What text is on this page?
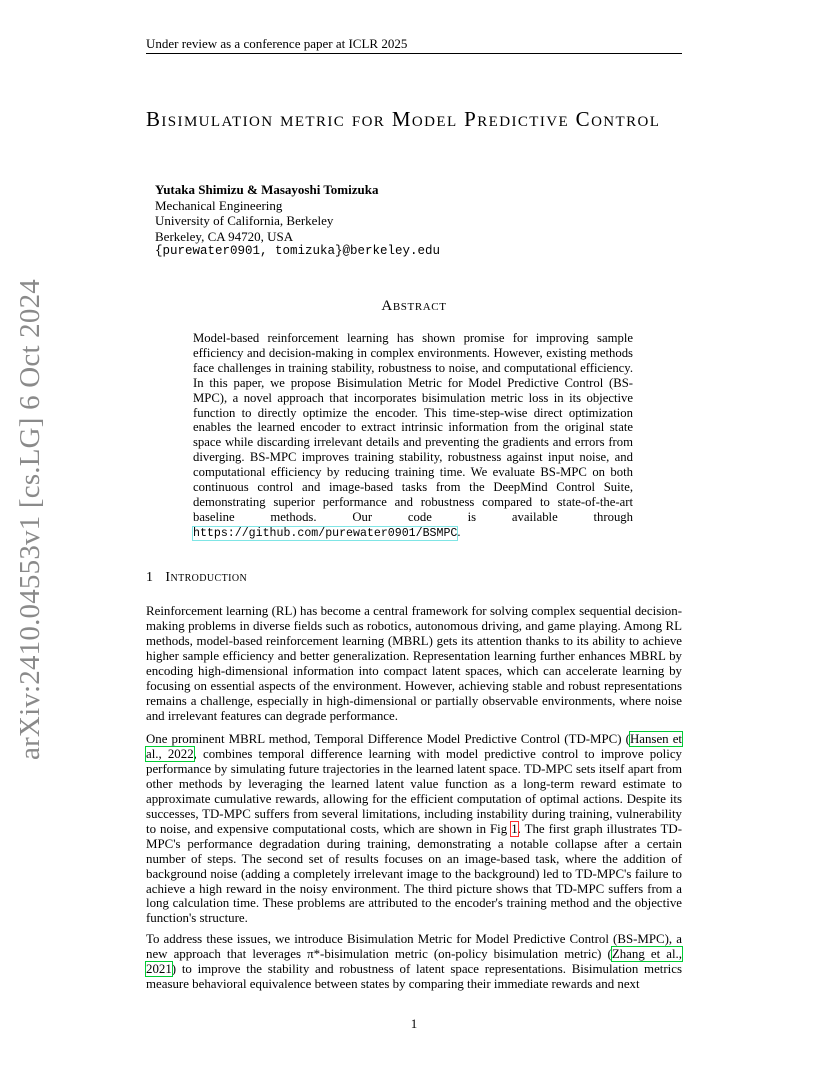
Under review as a conference paper at ICLR 2025
arXiv:2410.04553v1 [cs.LG] 6 Oct 2024
Bisimulation metric for Model Predictive Control
Yutaka Shimizu & Masayoshi Tomizuka
Mechanical Engineering
University of California, Berkeley
Berkeley, CA 94720, USA
{purewater0901, tomizuka}@berkeley.edu
Abstract
Model-based reinforcement learning has shown promise for improving sample efficiency and decision-making in complex environments. However, existing methods face challenges in training stability, robustness to noise, and computational efficiency. In this paper, we propose Bisimulation Metric for Model Predictive Control (BS-MPC), a novel approach that incorporates bisimulation metric loss in its objective function to directly optimize the encoder. This time-step-wise direct optimization enables the learned encoder to extract intrinsic information from the original state space while discarding irrelevant details and preventing the gradients and errors from diverging. BS-MPC improves training stability, robustness against input noise, and computational efficiency by reducing training time. We evaluate BS-MPC on both continuous control and image-based tasks from the DeepMind Control Suite, demonstrating superior performance and robustness compared to state-of-the-art baseline methods. Our code is available through https://github.com/purewater0901/BSMPC.
1 Introduction
Reinforcement learning (RL) has become a central framework for solving complex sequential decision-making problems in diverse fields such as robotics, autonomous driving, and game playing. Among RL methods, model-based reinforcement learning (MBRL) gets its attention thanks to its ability to achieve higher sample efficiency and better generalization. Representation learning further enhances MBRL by encoding high-dimensional information into compact latent spaces, which can accelerate learning by focusing on essential aspects of the environment. However, achieving stable and robust representations remains a challenge, especially in high-dimensional or partially observable environments, where noise and irrelevant features can degrade performance.
One prominent MBRL method, Temporal Difference Model Predictive Control (TD-MPC) (Hansen et al., 2022, combines temporal difference learning with model predictive control to improve policy performance by simulating future trajectories in the learned latent space. TD-MPC sets itself apart from other methods by leveraging the learned latent value function as a long-term reward estimate to approximate cumulative rewards, allowing for the efficient computation of optimal actions. Despite its successes, TD-MPC suffers from several limitations, including instability during training, vulnerability to noise, and expensive computational costs, which are shown in Fig 1. The first graph illustrates TD-MPC's performance degradation during training, demonstrating a notable collapse after a certain number of steps. The second set of results focuses on an image-based task, where the addition of background noise (adding a completely irrelevant image to the background) led to TD-MPC's failure to achieve a high reward in the noisy environment. The third picture shows that TD-MPC suffers from a long calculation time. These problems are attributed to the encoder's training method and the objective function's structure.
To address these issues, we introduce Bisimulation Metric for Model Predictive Control (BS-MPC), a new approach that leverages π*-bisimulation metric (on-policy bisimulation metric) (Zhang et al., 2021) to improve the stability and robustness of latent space representations. Bisimulation metrics measure behavioral equivalence between states by comparing their immediate rewards and next
1
